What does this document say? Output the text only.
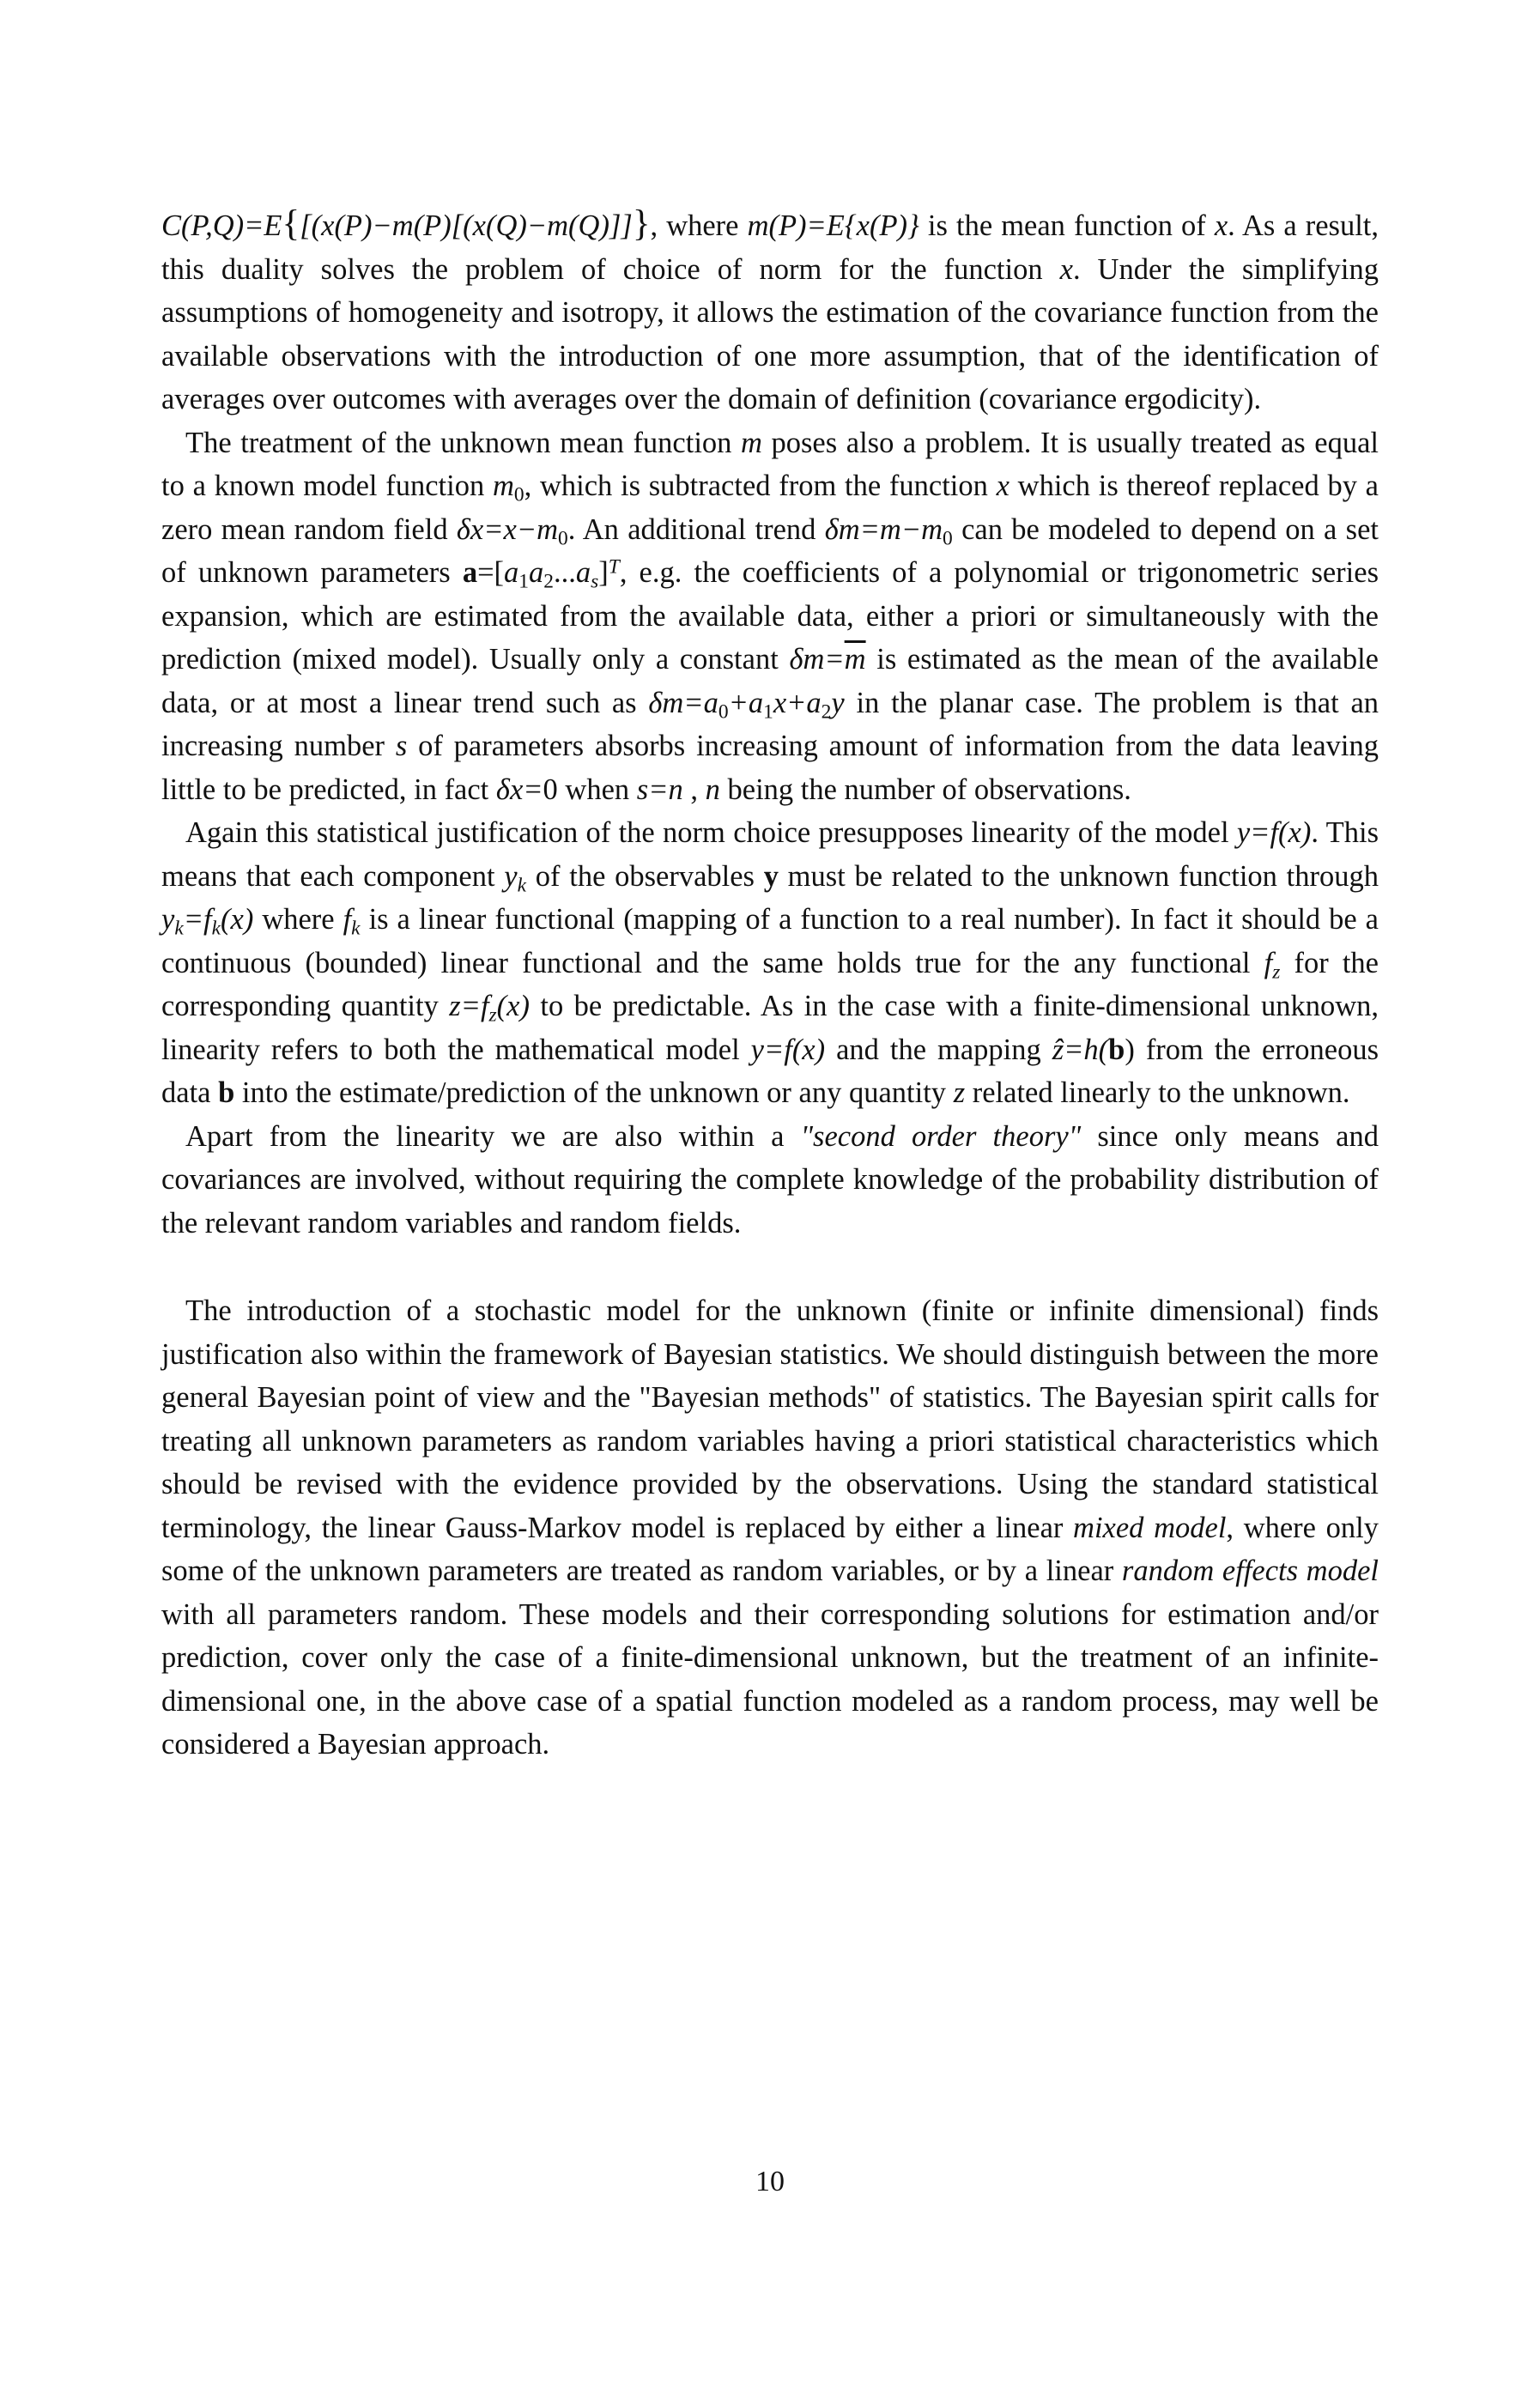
C(P,Q)=E{[(x(P)−m(P)[(x(Q)−m(Q)]]}, where m(P)=E{x(P)} is the mean function of x. As a result, this duality solves the problem of choice of norm for the function x. Under the simplifying assumptions of homogeneity and isotropy, it allows the estimation of the covariance function from the available observations with the introduction of one more assumption, that of the identification of averages over outcomes with averages over the domain of definition (covariance ergodicity).

The treatment of the unknown mean function m poses also a problem. It is usually treated as equal to a known model function $m_0$, which is subtracted from the function x which is thereof replaced by a zero mean random field $\delta x=x-m_0$. An additional trend $\delta m=m-m_0$ can be modeled to depend on a set of unknown parameters $a=[a_1a_2...as]^T$, e.g. the coefficients of a polynomial or trigonometric series expansion, which are estimated from the available data, either a priori or simultaneously with the prediction (mixed model). Usually only a constant $\delta m=\overline{m}$ is estimated as the mean of the available data, or at most a linear trend such as $\delta m=a_0+a_1x+a_2y$ in the planar case. The problem is that an increasing number s of parameters absorbs increasing amount of information from the data leaving little to be predicted, in fact δx=0 when s=n , n being the number of observations.

Again this statistical justification of the norm choice presupposes linearity of the model y=f(x). This means that each component yk of the observables y must be related to the unknown function through yk=fk(x) where fk is a linear functional (mapping of a function to a real number). In fact it should be a continuous (bounded) linear functional and the same holds true for the any functional fz for the corresponding quantity z=fz(x) to be predictable. As in the case with a finite-dimensional unknown, linearity refers to both the mathematical model y=f(x) and the mapping ẑ=h(b) from the erroneous data b into the estimate/prediction of the unknown or any quantity z related linearly to the unknown.

Apart from the linearity we are also within a "second order theory" since only means and covariances are involved, without requiring the complete knowledge of the probability distribution of the relevant random variables and random fields.

The introduction of a stochastic model for the unknown (finite or infinite dimensional) finds justification also within the framework of Bayesian statistics. We should distinguish between the more general Bayesian point of view and the "Bayesian methods" of statistics. The Bayesian spirit calls for treating all unknown parameters as random variables having a priori statistical characteristics which should be revised with the evidence provided by the observations. Using the standard statistical terminology, the linear Gauss-Markov model is replaced by either a linear mixed model, where only some of the unknown parameters are treated as random variables, or by a linear random effects model with all parameters random. These models and their corresponding solutions for estimation and/or prediction, cover only the case of a finite-dimensional unknown, but the treatment of an infinite-dimensional one, in the above case of a spatial function modeled as a random process, may well be considered a Bayesian approach.

10
